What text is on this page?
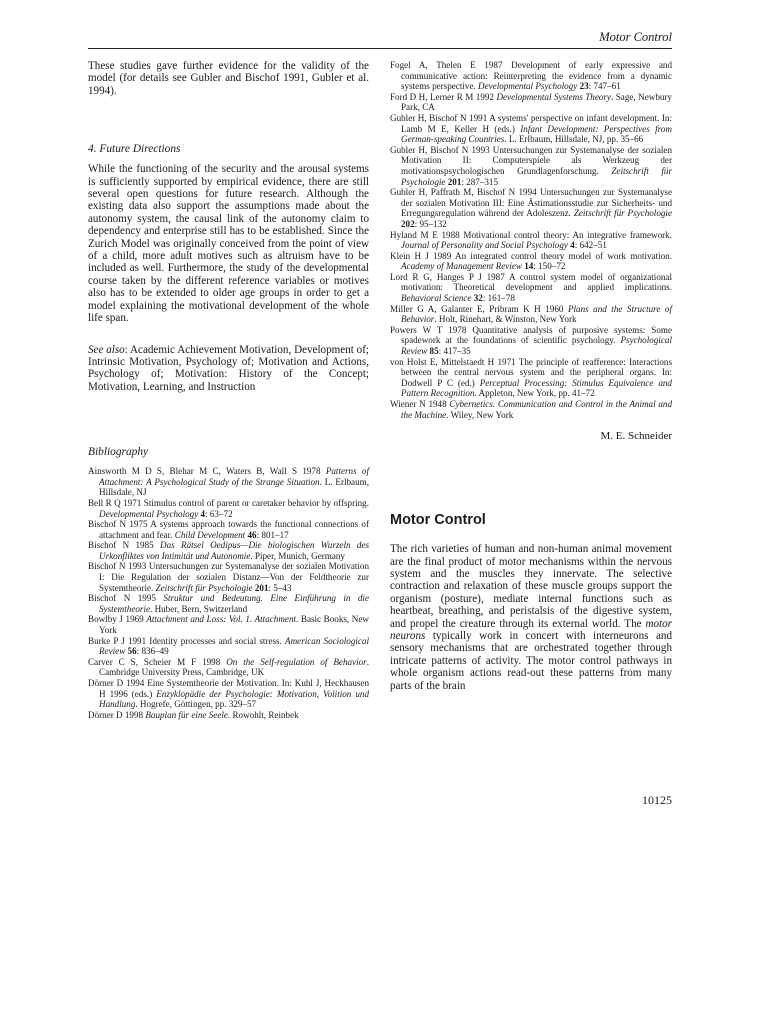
Motor Control

These studies gave further evidence for the validity of the model (for details see Gubler and Bischof 1991, Gubler et al. 1994).

4. Future Directions

While the functioning of the security and the arousal systems is sufficiently supported by empirical evidence, there are still several open questions for future research. Although the existing data also support the assumptions made about the autonomy system, the causal link of the autonomy claim to dependency and enterprise still has to be established. Since the Zurich Model was originally conceived from the point of view of a child, more adult motives such as altruism have to be included as well. Furthermore, the study of the developmental course taken by the different reference variables or motives also has to be extended to older age groups in order to get a model explaining the motivational development of the whole life span.

See also: Academic Achievement Motivation, Development of; Intrinsic Motivation, Psychology of; Motivation and Actions, Psychology of; Motivation: History of the Concept; Motivation, Learning, and Instruction

Bibliography
Ainsworth M D S, Blehar M C, Waters B, Wall S 1978 Patterns of Attachment: A Psychological Study of the Strange Situation. L. Erlbaum, Hillsdale, NJ
Bell R Q 1971 Stimulus control of parent or caretaker behavior by offspring. Developmental Psychology 4: 63–72
Bischof N 1975 A systems approach towards the functional connections of attachment and fear. Child Development 46: 801–17
Bischof N 1985 Das Rätsel Oedipus—Die biologischen Wurzeln des Urkonfliktes von Intimität und Autonomie. Piper, Munich, Germany
Bischof N 1993 Untersuchungen zur Systemanalyse der sozialen Motivation I: Die Regulation der sozialen Distanz—Von der Feldtheorie zur Systemtheorie. Zeitschrift für Psychologie 201: 5–43
Bischof N 1995 Struktur und Bedeutung. Eine Einführung in die Systemtheorie. Huber, Bern, Switzerland
Bowlby J 1969 Attachment and Loss: Vol. 1. Attachment. Basic Books, New York
Burke P J 1991 Identity processes and social stress. American Sociological Review 56: 836–49
Carver C S, Scheier M F 1998 On the Self-regulation of Behavior. Cambridge University Press, Cambridge, UK
Dörner D 1994 Eine Systemtheorie der Motivation. In: Kuhl J, Heckhausen H 1996 (eds.) Enzyklopädie der Psychologie: Motivation, Volition und Handlung. Hogrefe, Göttingen, pp. 329–57
Dörner D 1998 Bauplan für eine Seele. Rowohlt, Reinbek
Fogel A, Thelen E 1987 Development of early expressive and communicative action: Reinterpreting the evidence from a dynamic systems perspective. Developmental Psychology 23: 747–61
Ford D H, Lerner R M 1992 Developmental Systems Theory. Sage, Newbury Park, CA
Gubler H, Bischof N 1991 A systems' perspective on infant development. In: Lamb M E, Keller H (eds.) Infant Development: Perspectives from German-speaking Countries. L. Erlbaum, Hillsdale, NJ, pp. 35–66
Gubler H, Bischof N 1993 Untersuchungen zur Systemanalyse der sozialen Motivation II: Computerspiele als Werkzeug der motivationspsychologischen Grundlagenforschung. Zeitschrift für Psychologie 201: 287–315
Gubler H, Paffrath M, Bischof N 1994 Untersuchungen zur Systemanalyse der sozialen Motivation III: Eine Ästimationsstudie zur Sicherheits- und Erregungsregulation während der Adoleszenz. Zeitschrift für Psychologie 202: 95–132
Hyland M E 1988 Motivational control theory: An integrative framework. Journal of Personality and Social Psychology 4: 642–51
Klein H J 1989 An integrated control theory model of work motivation. Academy of Management Review 14: 150–72
Lord R G, Hanges P J 1987 A control system model of organizational motivation: Theoretical development and applied implications. Behavioral Science 32: 161–78
Miller G A, Galanter E, Pribram K H 1960 Plans and the Structure of Behavior. Holt, Rinehart, & Winston, New York
Powers W T 1978 Quantitative analysis of purposive systems: Some spadework at the foundations of scientific psychology. Psychological Review 85: 417–35
von Holst E, Mittelstaedt H 1971 The principle of reafference: Interactions between the central nervous system and the peripheral organs. In: Dodwell P C (ed.) Perceptual Processing: Stimulus Equivalence and Pattern Recognition. Appleton, New York, pp. 41–72
Wiener N 1948 Cybernetics. Communication and Control in the Animal and the Machine. Wiley, New York
M. E. Schneider
Motor Control

The rich varieties of human and non-human animal movement are the final product of motor mechanisms within the nervous system and the muscles they innervate. The selective contraction and relaxation of these muscle groups support the organism (posture), mediate internal functions such as heartbeat, breathing, and peristalsis of the digestive system, and propel the creature through its external world. The motor neurons typically work in concert with interneurons and sensory mechanisms that are orchestrated together through intricate patterns of activity. The motor control pathways in whole organism actions read-out these patterns from many parts of the brain

10125
